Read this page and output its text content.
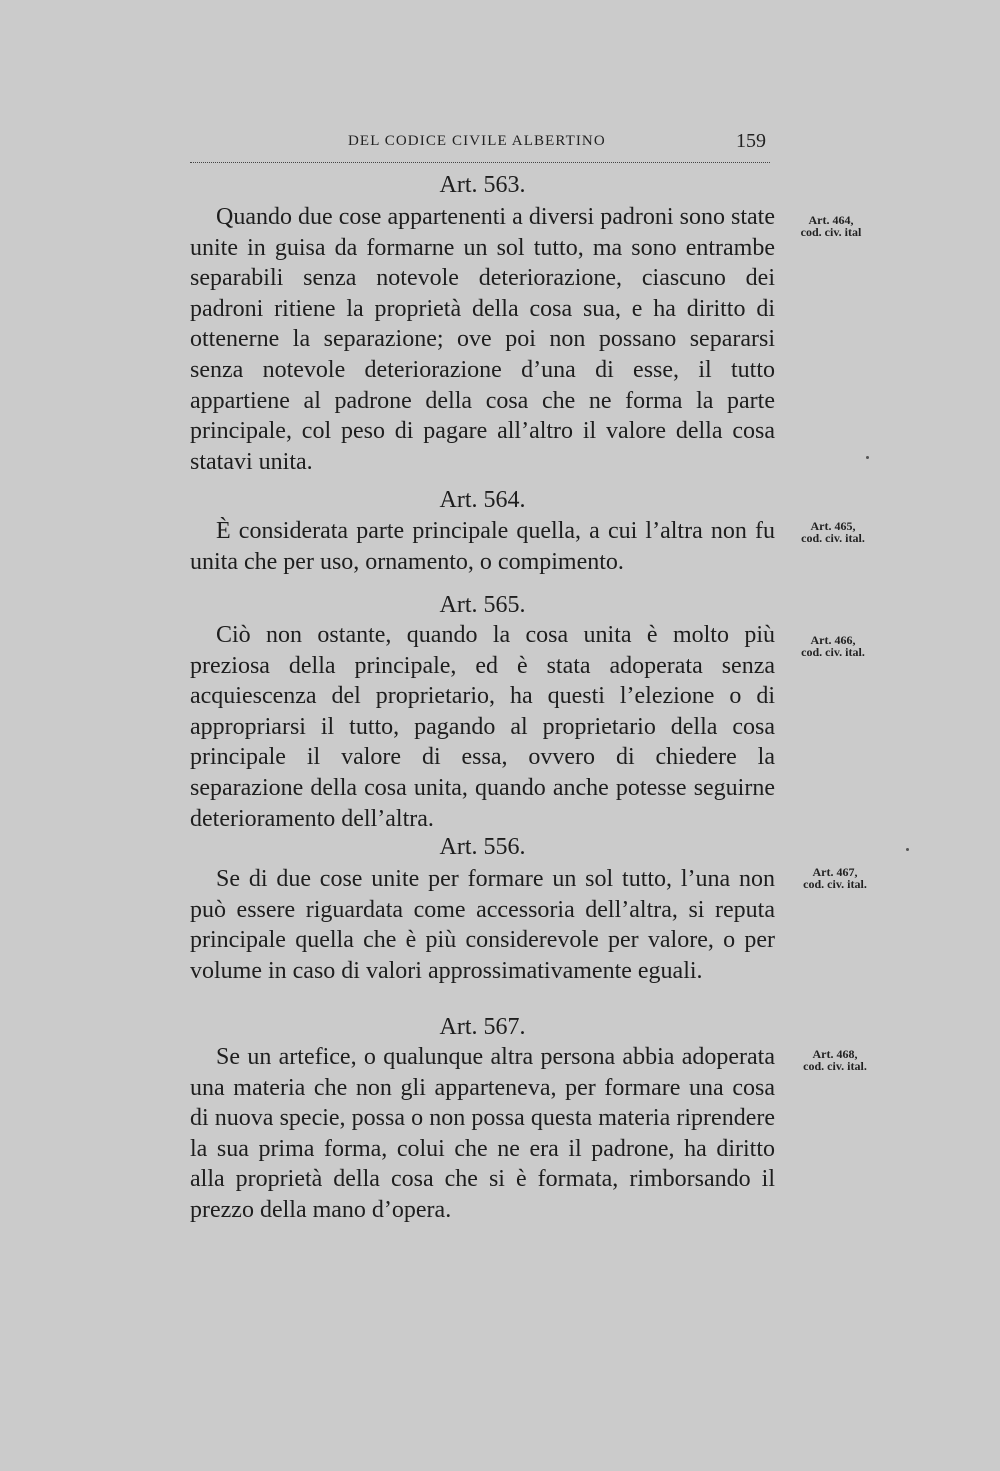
DEL CODICE CIVILE ALBERTINO	159
Art. 563.

Quando due cose appartenenti a diversi padroni sono state unite in guisa da formarne un sol tutto, ma sono entrambe separabili senza notevole deteriorazione, ciascuno dei padroni ritiene la proprietà della cosa sua, e ha diritto di ottenerne la separazione; ove poi non possano separarsi senza notevole deteriorazione d’una di esse, il tutto appartiene al padrone della cosa che ne forma la parte principale, col peso di pagare all’altro il valore della cosa statavi unita.

Art. 464,
cod. civ. ital
Art. 564.

È considerata parte principale quella, a cui l’altra non fu unita che per uso, ornamento, o compimento.

Art. 465,
cod. civ. ital.
Art. 565.

Ciò non ostante, quando la cosa unita è molto più preziosa della principale, ed è stata adoperata senza acquiescenza del proprietario, ha questi l’elezione o di appropriarsi il tutto, pagando al proprietario della cosa principale il valore di essa, ovvero di chiedere la separazione della cosa unita, quando anche potesse seguirne deterioramento dell’altra.

Art. 466,
cod. civ. ital.
Art. 556.

Se di due cose unite per formare un sol tutto, l’una non può essere riguardata come accessoria dell’altra, si reputa principale quella che è più considerevole per valore, o per volume in caso di valori approssimativamente eguali.

Art. 467,
cod. civ. ital.
Art. 567.

Se un artefice, o qualunque altra persona abbia adoperata una materia che non gli apparteneva, per formare una cosa di nuova specie, possa o non possa questa materia riprendere la sua prima forma, colui che ne era il padrone, ha diritto alla proprietà della cosa che si è formata, rimborsando il prezzo della mano d’opera.

Art. 468,
cod. civ. ital.
